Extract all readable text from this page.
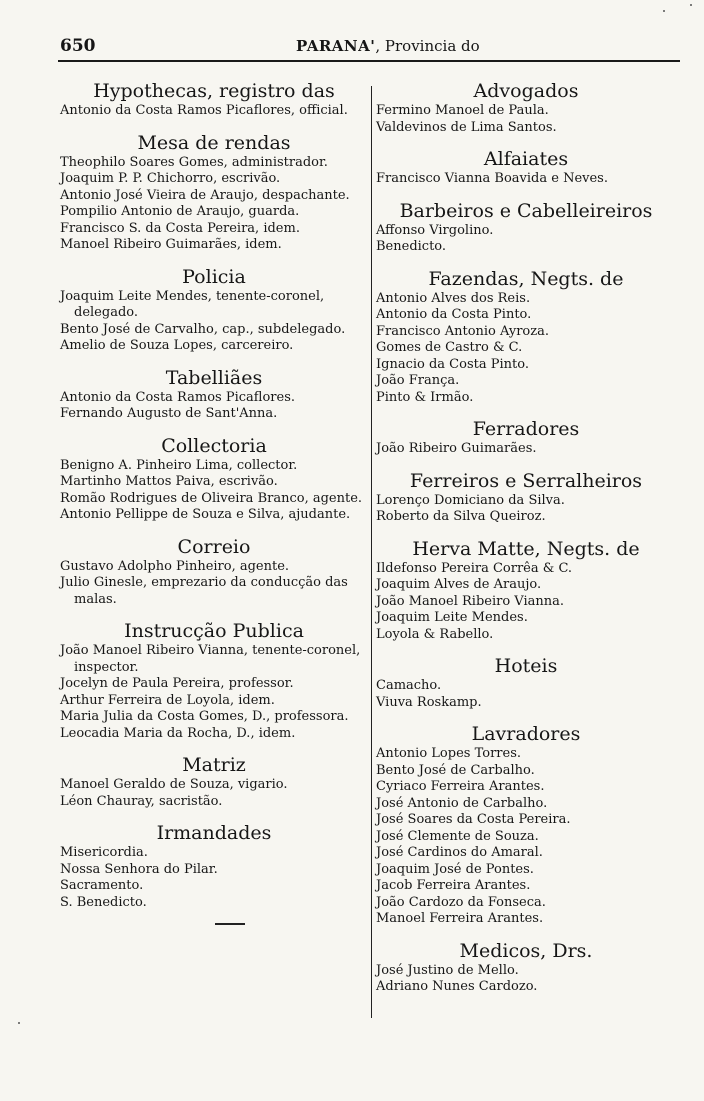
650	PARANA', Provincia do
Hypothecas, registro das
Antonio da Costa Ramos Picaflores, official.
Mesa de rendas
Theophilo Soares Gomes, administrador.
Joaquim P. P. Chichorro, escrivão.
Antonio José Vieira de Araujo, despachante.
Pompilio Antonio de Araujo, guarda.
Francisco S. da Costa Pereira, idem.
Manoel Ribeiro Guimarães, idem.
Policia
Joaquim Leite Mendes, tenente-coronel, delegado.
Bento José de Carvalho, cap., subdelegado.
Amelio de Souza Lopes, carcereiro.
Tabelliães
Antonio da Costa Ramos Picaflores.
Fernando Augusto de Sant'Anna.
Collectoria
Benigno A. Pinheiro Lima, collector.
Martinho Mattos Paiva, escrivão.
Romão Rodrigues de Oliveira Branco, agente.
Antonio Pellippe de Souza e Silva, ajudante.
Correio
Gustavo Adolpho Pinheiro, agente.
Julio Ginesle, emprezario da conducção das malas.
Instrucção Publica
João Manoel Ribeiro Vianna, tenente-coronel, inspector.
Jocelyn de Paula Pereira, professor.
Arthur Ferreira de Loyola, idem.
Maria Julia da Costa Gomes, D., professora.
Leocadia Maria da Rocha, D., idem.
Matriz
Manoel Geraldo de Souza, vigario.
Léon Chauray, sacristão.
Irmandades
Misericordia.
Nossa Senhora do Pilar.
Sacramento.
S. Benedicto.
Advogados
Fermino Manoel de Paula.
Valdevinos de Lima Santos.
Alfaiates
Francisco Vianna Boavida e Neves.
Barbeiros e Cabelleireiros
Affonso Virgolino.
Benedicto.
Fazendas, Negts. de
Antonio Alves dos Reis.
Antonio da Costa Pinto.
Francisco Antonio Ayroza.
Gomes de Castro & C.
Ignacio da Costa Pinto.
João França.
Pinto & Irmão.
Ferradores
João Ribeiro Guimarães.
Ferreiros e Serralheiros
Lorenço Domiciano da Silva.
Roberto da Silva Queiroz.
Herva Matte, Negts. de
Ildefonso Pereira Corrêa & C.
Joaquim Alves de Araujo.
João Manoel Ribeiro Vianna.
Joaquim Leite Mendes.
Loyola & Rabello.
Hoteis
Camacho.
Viuva Roskamp.
Lavradores
Antonio Lopes Torres.
Bento José de Carbalho.
Cyriaco Ferreira Arantes.
José Antonio de Carbalho.
José Soares da Costa Pereira.
José Clemente de Souza.
José Cardinos do Amaral.
Joaquim José de Pontes.
Jacob Ferreira Arantes.
João Cardozo da Fonseca.
Manoel Ferreira Arantes.
Medicos, Drs.
José Justino de Mello.
Adriano Nunes Cardozo.
